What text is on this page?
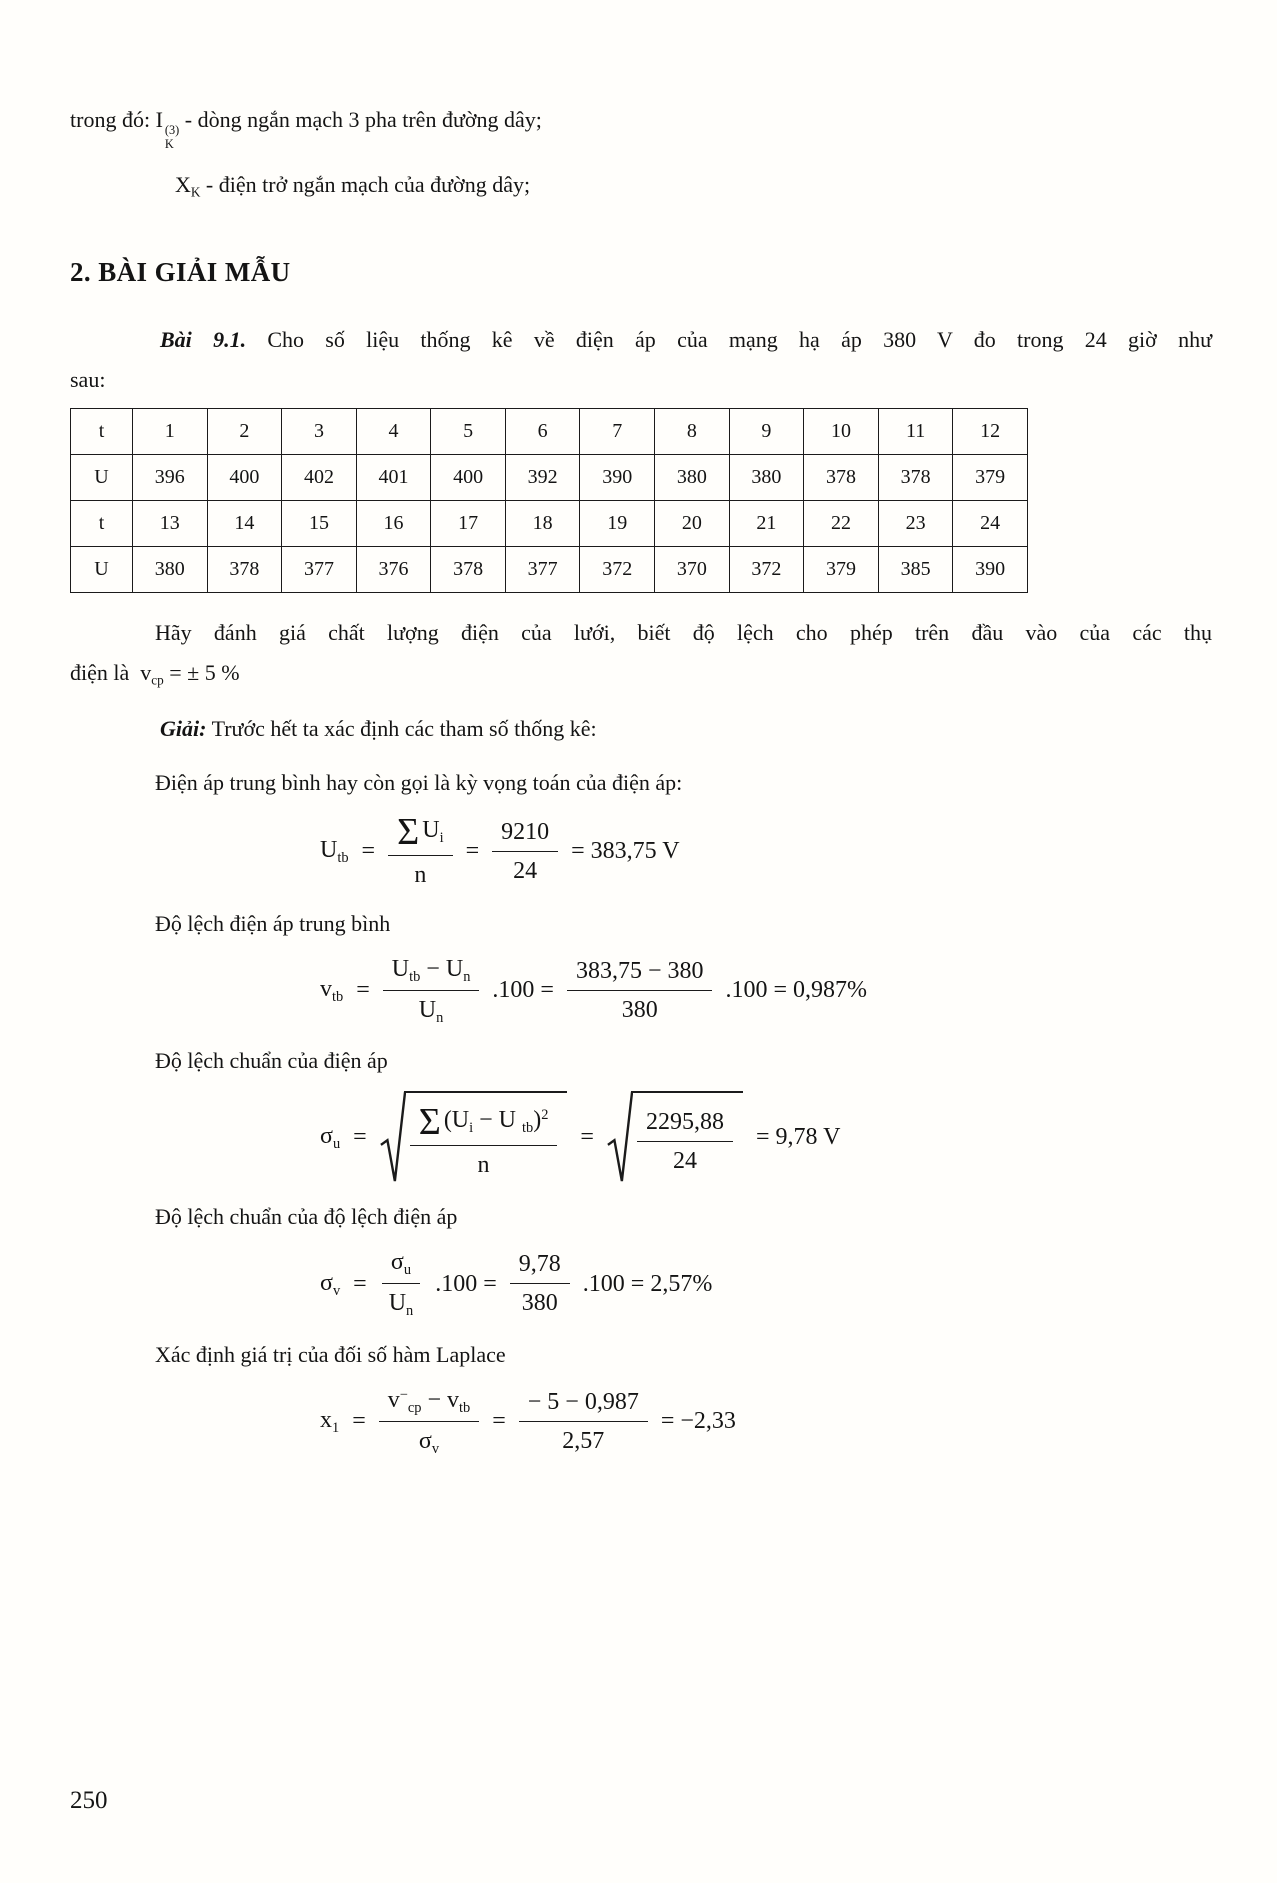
trong đó: I (3)
K
- dòng ngắn mạch 3 pha trên đường dây;

$X_K$ - điện trở ngắn mạch của đường dây;

2. BÀI GIẢI MẪU

Bài 9.1. Cho số liệu thống kê về điện áp của mạng hạ áp 380 V đo trong 24 giờ như
sau:

t	1	2	3	4	5	6	7	8	9	10	11	12
U	396	400	402	401	400	392	390	380	380	378	378	379
t	13	14	15	16	17	18	19	20	21	22	23	24
U	380	378	377	376	378	377	372	370	372	379	385	390

Hãy đánh giá chất lượng điện của lưới, biết độ lệch cho phép trên đầu vào của các thụ
điện là $v_{cp}$ = ± 5 %

Giải: Trước hết ta xác định các tham số thống kê:

Điện áp trung bình hay còn gọi là kỳ vọng toán của điện áp:

$U_{tb} = \frac{\Sigma U_i}{n} = \frac{9210}{24} = 383,75$ V

Độ lệch điện áp trung bình

$v_{tb} = \frac{U_{tb} - U_n}{U_n} .100 = \frac{383,75 - 380}{380} .100 = 0,987\%$

Độ lệch chuẩn của điện áp

$\sigma_u = \frac{\Sigma (U_i - U _{tb})^2}{n} = \frac{2295,88}{24} = 9,78$ V

Độ lệch chuẩn của độ lệch điện áp

$\sigma_v = \frac{\sigma_u}{U_n} .100 = \frac{9,78}{380} .100 = 2,57\%$

Xác định giá trị của đối số hàm Laplace

$x_1 = \frac{v^-_{cp} - v_{tb}}{\sigma_v} = \frac{- 5 - 0,987}{2,57} = -2,33$
250
